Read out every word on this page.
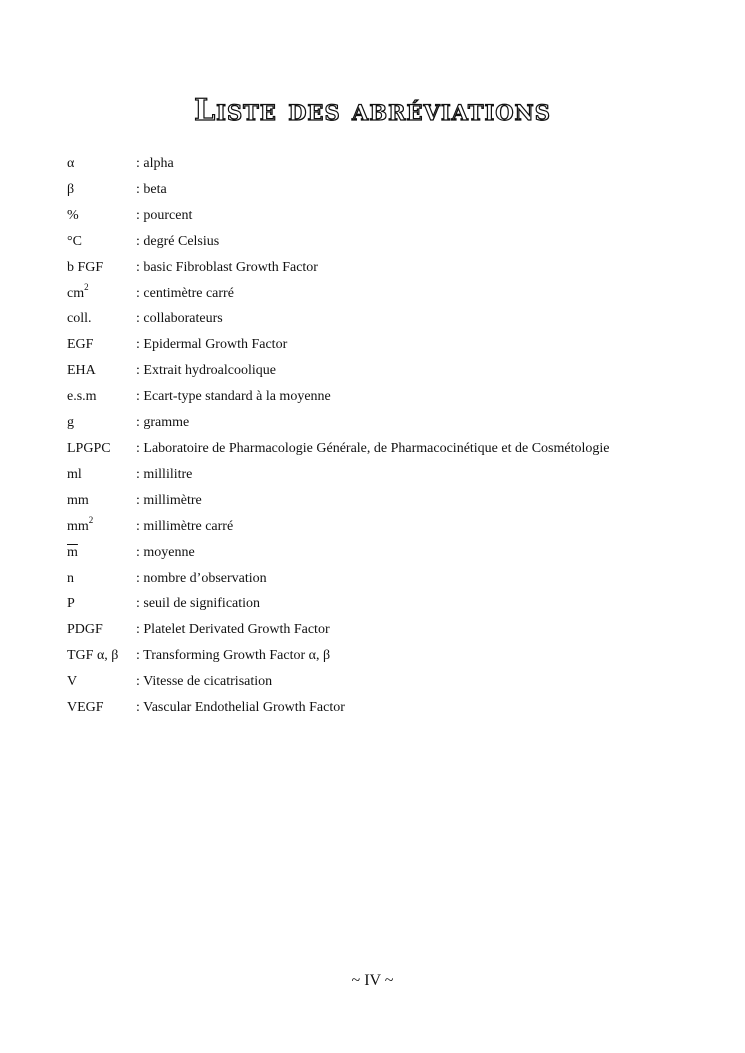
Liste des abréviations
α	: alpha
β	: beta
%	: pourcent
°C	: degré Celsius
b FGF	: basic Fibroblast Growth Factor
$cm^2$	: centimètre carré
coll.	: collaborateurs
EGF	: Epidermal Growth Factor
EHA	: Extrait hydroalcoolique
e.s.m	: Ecart-type standard à la moyenne
g	: gramme
LPGPC	: Laboratoire de Pharmacologie Générale, de Pharmacocinétique et de Cosmétologie
ml	: millilitre
mm	: millimètre
$mm^2$	: millimètre carré
$\overline{m}$	: moyenne
n	: nombre d’observation
P	: seuil de signification
PDGF	: Platelet Derivated Growth Factor
TGF α, β	: Transforming Growth Factor α, β
V	: Vitesse de cicatrisation
VEGF	: Vascular Endothelial Growth Factor
~ IV ~
